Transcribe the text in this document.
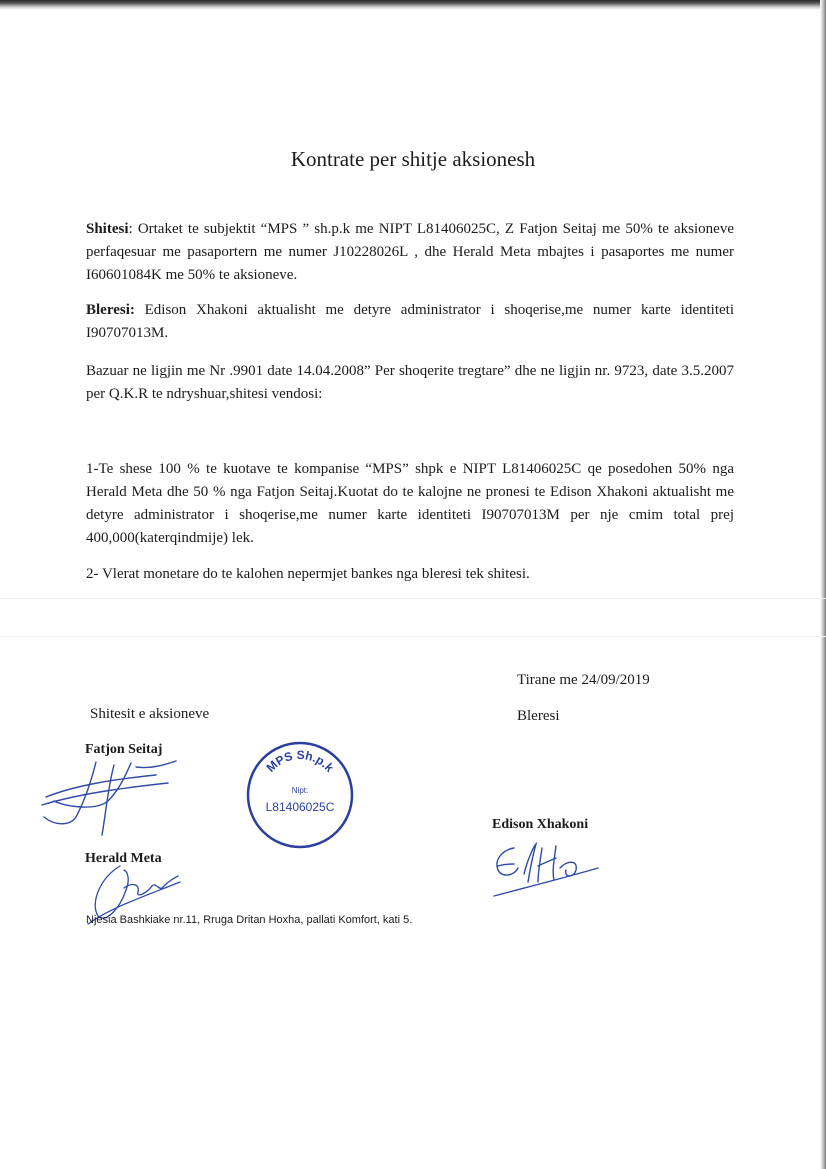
Kontrate per shitje aksionesh
Shitesi: Ortaket te subjektit “MPS ” sh.p.k me NIPT L81406025C, Z Fatjon Seitaj me 50% te aksioneve perfaqesuar me pasaportern me numer J10228026L , dhe Herald Meta mbajtes i pasaportes me numer I60601084K me 50% te aksioneve.
Bleresi: Edison Xhakoni aktualisht me detyre administrator i shoqerise,me numer karte identiteti I90707013M.
Bazuar ne ligjin me Nr .9901 date 14.04.2008” Per shoqerite tregtare” dhe ne ligjin nr. 9723, date 3.5.2007 per Q.K.R te ndryshuar,shitesi vendosi:
1-Te shese 100 % te kuotave te kompanise “MPS” shpk e NIPT L81406025C qe posedohen 50% nga Herald Meta dhe 50 % nga Fatjon Seitaj.Kuotat do te kalojne ne pronesi te Edison Xhakoni aktualisht me detyre administrator i shoqerise,me numer karte identiteti I90707013M per nje cmim total prej 400,000(katerqindmije) lek.
2- Vlerat monetare do te kalohen nepermjet bankes nga bleresi tek shitesi.
Tirane me 24/09/2019
Shitesit e aksioneve	Bleresi
Fatjon Seitaj
Herald Meta
Edison Xhakoni
MPS Sh.p.k
Nipt:
L81406025C
Njesia Bashkiake nr.11, Rruga Dritan Hoxha, pallati Komfort, kati 5.
